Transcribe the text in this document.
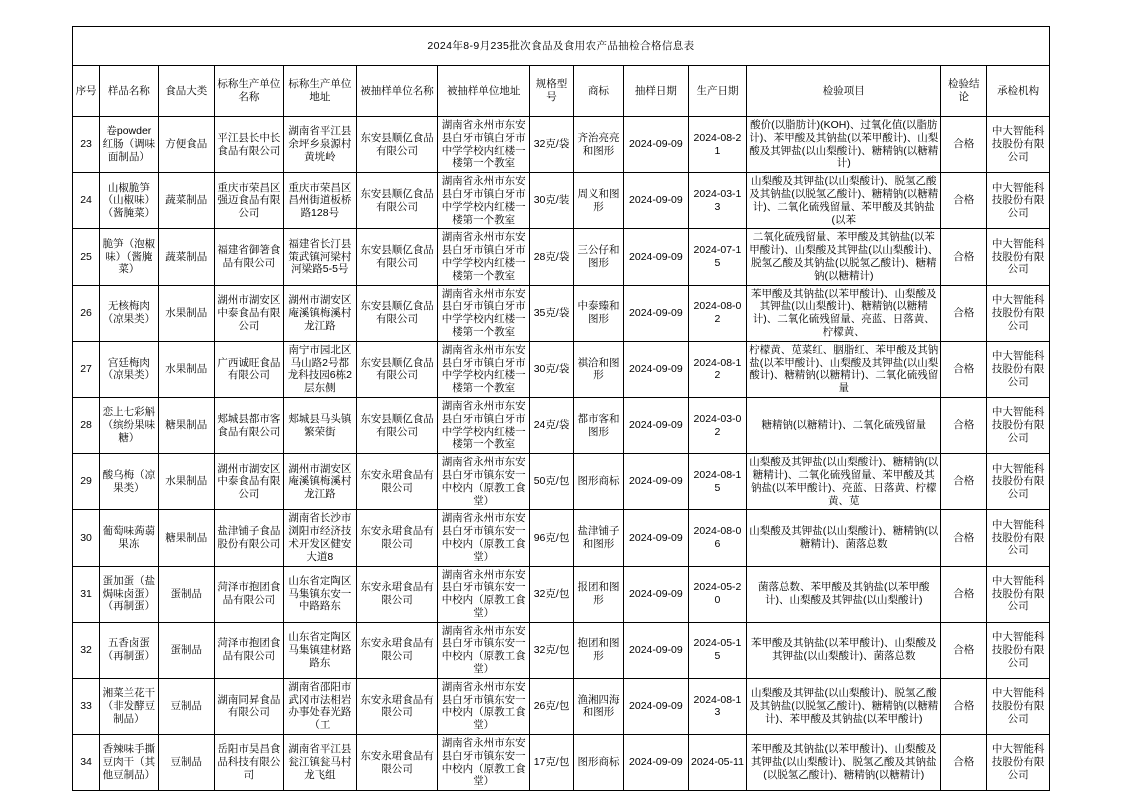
2024年8-9月235批次食品及食用农产品抽检合格信息表													
序号	样品名称	食品大类	标称生产单位名称	标称生产单位地址	被抽样单位名称	被抽样单位地址	规格型号	商标	抽样日期	生产日期	检验项目	检验结论	承检机构
23	卷powder红肠（调味面制品）	方便食品	平江县长中长食品有限公司	湖南省平江县余坪乡泉源村黄垙岭	东安县顺亿食品有限公司	湖南省永州市东安县白牙市镇白牙市中学学校内红楼一楼第一个教室	32克/袋	齐治亮亮和图形	2024-09-09	2024-08-21	酸价(以脂肪计)(KOH)、过氧化值(以脂肪计)、苯甲酸及其钠盐(以苯甲酸计)、山梨酸及其钾盐(以山梨酸计)、糖精钠(以糖精计)	合格	中大智能科技股份有限公司
24	山椒脆笋（山椒味）（酱腌菜）	蔬菜制品	重庆市荣昌区强迈食品有限公司	重庆市荣昌区昌州街道板桥路128号	东安县顺亿食品有限公司	湖南省永州市东安县白牙市镇白牙市中学学校内红楼一楼第一个教室	30克/装	周义和图形	2024-09-09	2024-03-13	山梨酸及其钾盐(以山梨酸计)、脱氢乙酸及其钠盐(以脱氢乙酸计)、糖精钠(以糖精计)、二氧化硫残留量、苯甲酸及其钠盐(以苯	合格	中大智能科技股份有限公司
25	脆笋（泡椒味）（酱腌菜）	蔬菜制品	福建省御箸食品有限公司	福建省长汀县策武镇河梁村河梁路5-5号	东安县顺亿食品有限公司	湖南省永州市东安县白牙市镇白牙市中学学校内红楼一楼第一个教室	28克/袋	三公仔和图形	2024-09-09	2024-07-15	二氧化硫残留量、苯甲酸及其钠盐(以苯甲酸计)、山梨酸及其钾盐(以山梨酸计)、脱氢乙酸及其钠盐(以脱氢乙酸计)、糖精钠(以糖精计)	合格	中大智能科技股份有限公司
26	无核梅肉（凉果类）	水果制品	湖州市湖安区中泰食品有限公司	湖州市湖安区庵溪镇梅溪村龙江路	东安县顺亿食品有限公司	湖南省永州市东安县白牙市镇白牙市中学学校内红楼一楼第一个教室	35克/袋	中泰臻和图形	2024-09-09	2024-08-02	苯甲酸及其钠盐(以苯甲酸计)、山梨酸及其钾盐(以山梨酸计)、糖精钠(以糖精计)、二氧化硫残留量、亮蓝、日落黄、柠檬黄、	合格	中大智能科技股份有限公司
27	宫廷梅肉（凉果类）	水果制品	广西诚旺食品有限公司	南宁市园北区马山路2号都龙科技园6栋2层东侧	东安县顺亿食品有限公司	湖南省永州市东安县白牙市镇白牙市中学学校内红楼一楼第一个教室	30克/袋	祺洽和图形	2024-09-09	2024-08-12	柠檬黄、苋菜红、胭脂红、苯甲酸及其钠盐(以苯甲酸计)、山梨酸及其钾盐(以山梨酸计)、糖精钠(以糖精计)、二氧化硫残留量	合格	中大智能科技股份有限公司
28	恋上七彩斛（缤纷果味糖）	糖果制品	郏城县都市客食品有限公司	郏城县马头镇繁荣街	东安县顺亿食品有限公司	湖南省永州市东安县白牙市镇白牙市中学学校内红楼一楼第一个教室	24克/袋	都市客和图形	2024-09-09	2024-03-02	糖精钠(以糖精计)、二氧化硫残留量	合格	中大智能科技股份有限公司
29	酸乌梅（凉果类）	水果制品	湖州市湖安区中泰食品有限公司	湖州市湖安区庵溪镇梅溪村龙江路	东安永珺食品有限公司	湖南省永州市东安县白牙市镇东安一中校内（原教工食堂）	50克/包	图形商标	2024-09-09	2024-08-15	山梨酸及其钾盐(以山梨酸计)、糖精钠(以糖精计)、二氧化硫残留量、苯甲酸及其钠盐(以苯甲酸计)、亮蓝、日落黄、柠檬黄、苋	合格	中大智能科技股份有限公司
30	葡萄味蒟蒻果冻	糖果制品	盐津铺子食品股份有限公司	湖南省长沙市浏阳市经济技术开发区健安大道8	东安永珺食品有限公司	湖南省永州市东安县白牙市镇东安一中校内（原教工食堂）	96克/包	盐津铺子和图形	2024-09-09	2024-08-06	山梨酸及其钾盐(以山梨酸计)、糖精钠(以糖精计)、菌落总数	合格	中大智能科技股份有限公司
31	蛋加蛋（盐焗味卤蛋）（再制蛋）	蛋制品	菏泽市抱团食品有限公司	山东省定陶区马集镇东安一中路路东	东安永珺食品有限公司	湖南省永州市东安县白牙市镇东安一中校内（原教工食堂）	32克/包	报团和图形	2024-09-09	2024-05-20	菌落总数、苯甲酸及其钠盐(以苯甲酸计)、山梨酸及其钾盐(以山梨酸计)	合格	中大智能科技股份有限公司
32	五香卤蛋（再制蛋）	蛋制品	菏泽市抱团食品有限公司	山东省定陶区马集镇建材路路东	东安永珺食品有限公司	湖南省永州市东安县白牙市镇东安一中校内（原教工食堂）	32克/包	抱团和图形	2024-09-09	2024-05-15	苯甲酸及其钠盐(以苯甲酸计)、山梨酸及其钾盐(以山梨酸计)、菌落总数	合格	中大智能科技股份有限公司
33	湘菜兰花干（非发酵豆制品）	豆制品	湖南同昇食品有限公司	湖南省邵阳市武冈市法相岩办事处春光路（工	东安永珺食品有限公司	湖南省永州市东安县白牙市镇东安一中校内（原教工食堂）	26克/包	渔湘四海和图形	2024-09-09	2024-08-13	山梨酸及其钾盐(以山梨酸计)、脱氢乙酸及其钠盐(以脱氢乙酸计)、糖精钠(以糖精计)、苯甲酸及其钠盐(以苯甲酸计)	合格	中大智能科技股份有限公司
34	香辣味手撕豆肉干（其他豆制品）	豆制品	岳阳市昊昌食品科技有限公司	湖南省平江县瓮江镇瓮马村龙飞组	东安永珺食品有限公司	湖南省永州市东安县白牙市镇东安一中校内（原教工食堂）	17克/包	图形商标	2024-09-09	2024-05-11	苯甲酸及其钠盐(以苯甲酸计)、山梨酸及其钾盐(以山梨酸计)、脱氢乙酸及其钠盐(以脱氢乙酸计)、糖精钠(以糖精计)	合格	中大智能科技股份有限公司
